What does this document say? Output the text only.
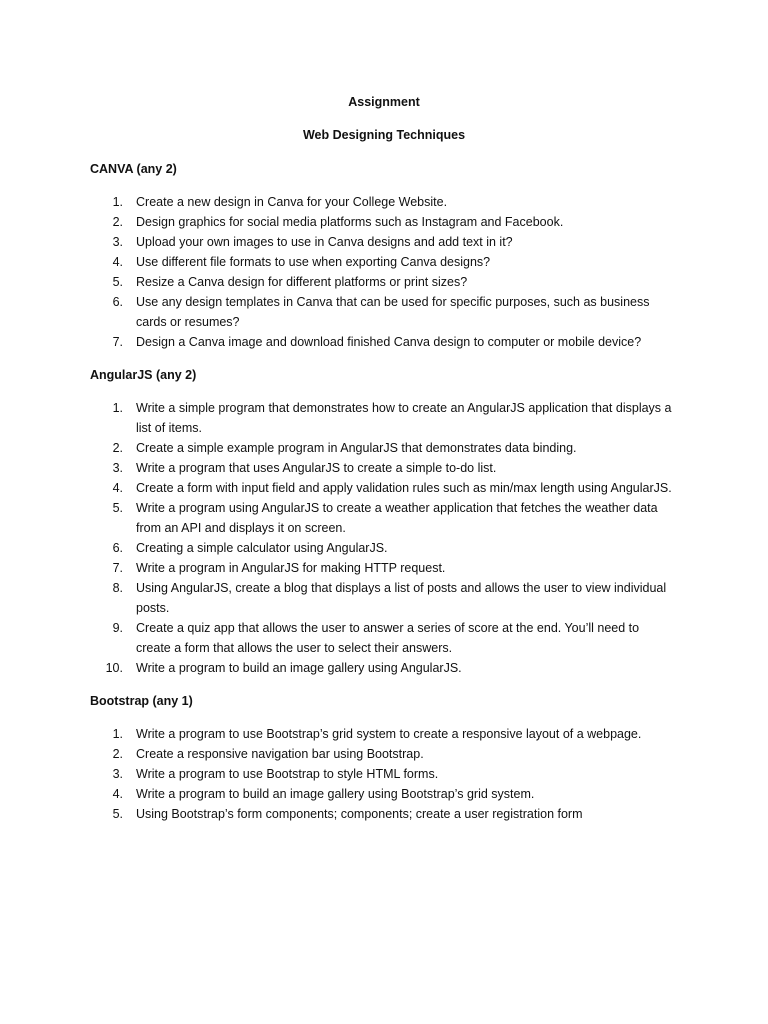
Assignment
Web Designing Techniques
CANVA (any 2)
1. Create a new design in Canva for your College Website.
2. Design graphics for social media platforms such as Instagram and Facebook.
3. Upload your own images to use in Canva designs and add text in it?
4. Use different file formats to use when exporting Canva designs?
5. Resize a Canva design for different platforms or print sizes?
6. Use any design templates in Canva that can be used for specific purposes, such as business cards or resumes?
7. Design a Canva image and download finished Canva design to computer or mobile device?
AngularJS (any 2)
1. Write a simple program that demonstrates how to create an AngularJS application that displays a list of items.
2. Create a simple example program in AngularJS that demonstrates data binding.
3. Write a program that uses AngularJS to create a simple to-do list.
4. Create a form with input field and apply validation rules such as min/max length using AngularJS.
5. Write a program using AngularJS to create a weather application that fetches the weather data from an API and displays it on screen.
6. Creating a simple calculator using AngularJS.
7. Write a program in AngularJS for making HTTP request.
8. Using AngularJS, create a blog that displays a list of posts and allows the user to view individual posts.
9. Create a quiz app that allows the user to answer a series of score at the end. You’ll need to create a form that allows the user to select their answers.
10. Write a program to build an image gallery using AngularJS.
Bootstrap (any 1)
1. Write a program to use Bootstrap’s grid system to create a responsive layout of a webpage.
2. Create a responsive navigation bar using Bootstrap.
3. Write a program to use Bootstrap to style HTML forms.
4. Write a program to build an image gallery using Bootstrap’s grid system.
5. Using Bootstrap’s form components; components; create a user registration form
